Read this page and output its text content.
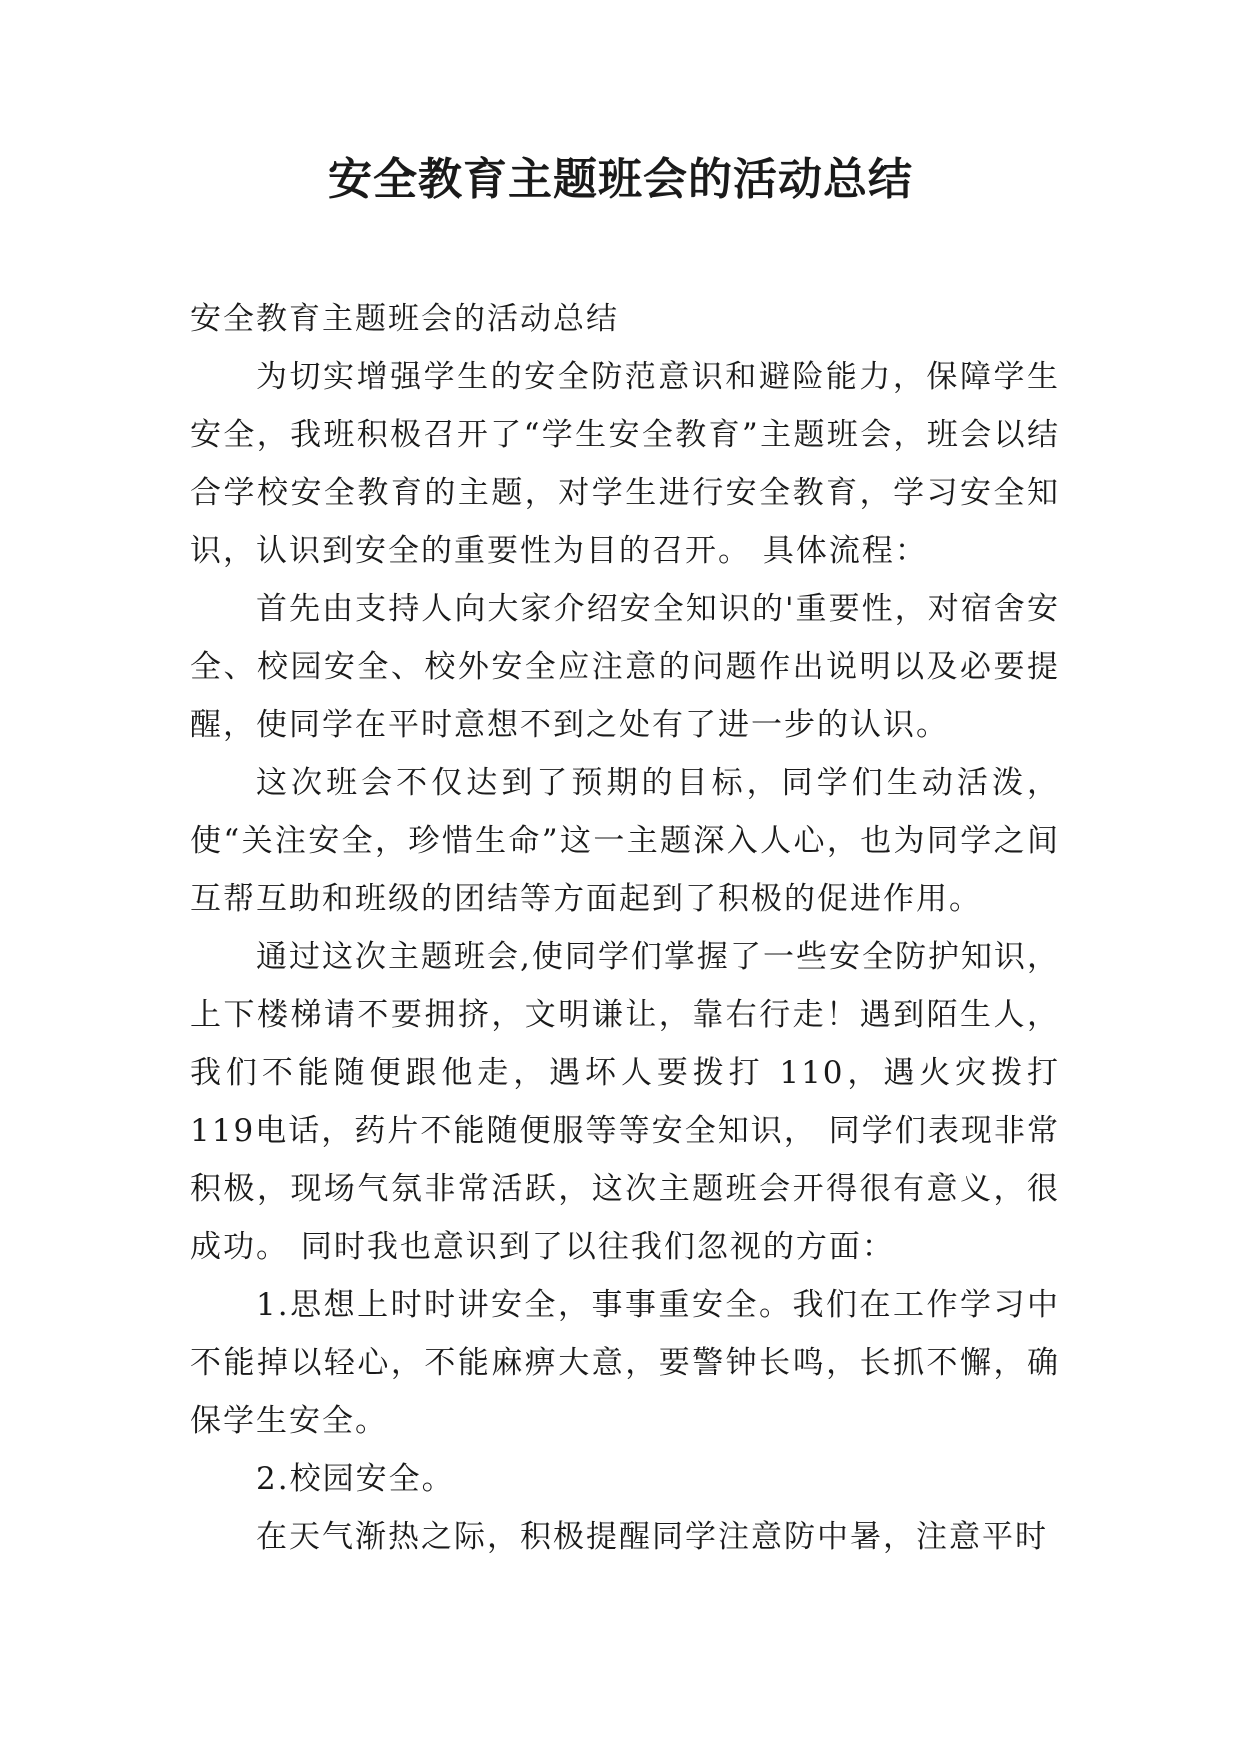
安全教育主题班会的活动总结

安全教育主题班会的活动总结

为切实增强学生的安全防范意识和避险能力，保障学生安全，我班积极召开了“学生安全教育”主题班会，班会以结合学校安全教育的主题，对学生进行安全教育，学习安全知识，认识到安全的重要性为目的召开。 具体流程：

首先由支持人向大家介绍安全知识的'重要性，对宿舍安全、校园安全、校外安全应注意的问题作出说明以及必要提醒，使同学在平时意想不到之处有了进一步的认识。

这次班会不仅达到了预期的目标，同学们生动活泼，使“关注安全，珍惜生命”这一主题深入人心，也为同学之间互帮互助和班级的团结等方面起到了积极的促进作用。

通过这次主题班会,使同学们掌握了一些安全防护知识，上下楼梯请不要拥挤，文明谦让，靠右行走！遇到陌生人，我们不能随便跟他走，遇坏人要拨打 110，遇火灾拨打 119电话，药片不能随便服等等安全知识， 同学们表现非常积极，现场气氛非常活跃，这次主题班会开得很有意义，很成功。 同时我也意识到了以往我们忽视的方面：

1.思想上时时讲安全，事事重安全。我们在工作学习中不能掉以轻心，不能麻痹大意，要警钟长鸣，长抓不懈，确保学生安全。

2.校园安全。

在天气渐热之际，积极提醒同学注意防中暑，注意平时
